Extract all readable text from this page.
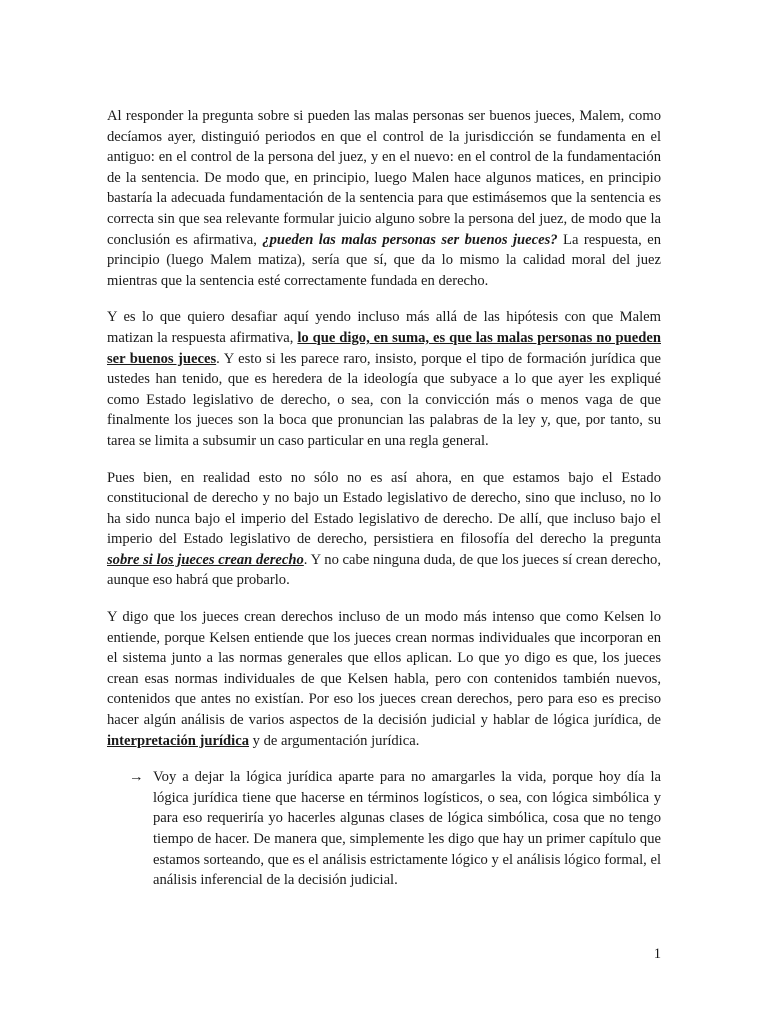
Al responder la pregunta sobre si pueden las malas personas ser buenos jueces, Malem, como decíamos ayer, distinguió periodos en que el control de la jurisdicción se fundamenta en el antiguo: en el control de la persona del juez, y en el nuevo: en el control de la fundamentación de la sentencia. De modo que, en principio, luego Malen hace algunos matices, en principio bastaría la adecuada fundamentación de la sentencia para que estimásemos que la sentencia es correcta sin que sea relevante formular juicio alguno sobre la persona del juez, de modo que la conclusión es afirmativa, ¿pueden las malas personas ser buenos jueces? La respuesta, en principio (luego Malem matiza), sería que sí, que da lo mismo la calidad moral del juez mientras que la sentencia esté correctamente fundada en derecho.

Y es lo que quiero desafiar aquí yendo incluso más allá de las hipótesis con que Malem matizan la respuesta afirmativa, lo que digo, en suma, es que las malas personas no pueden ser buenos jueces. Y esto si les parece raro, insisto, porque el tipo de formación jurídica que ustedes han tenido, que es heredera de la ideología que subyace a lo que ayer les expliqué como Estado legislativo de derecho, o sea, con la convicción más o menos vaga de que finalmente los jueces son la boca que pronuncian las palabras de la ley y, que, por tanto, su tarea se limita a subsumir un caso particular en una regla general.

Pues bien, en realidad esto no sólo no es así ahora, en que estamos bajo el Estado constitucional de derecho y no bajo un Estado legislativo de derecho, sino que incluso, no lo ha sido nunca bajo el imperio del Estado legislativo de derecho. De allí, que incluso bajo el imperio del Estado legislativo de derecho, persistiera en filosofía del derecho la pregunta sobre si los jueces crean derecho. Y no cabe ninguna duda, de que los jueces sí crean derecho, aunque eso habrá que probarlo.

Y digo que los jueces crean derechos incluso de un modo más intenso que como Kelsen lo entiende, porque Kelsen entiende que los jueces crean normas individuales que incorporan en el sistema junto a las normas generales que ellos aplican. Lo que yo digo es que, los jueces crean esas normas individuales de que Kelsen habla, pero con contenidos también nuevos, contenidos que antes no existían. Por eso los jueces crean derechos, pero para eso es preciso hacer algún análisis de varios aspectos de la decisión judicial y hablar de lógica jurídica, de interpretación jurídica y de argumentación jurídica.

→ Voy a dejar la lógica jurídica aparte para no amargarles la vida, porque hoy día la lógica jurídica tiene que hacerse en términos logísticos, o sea, con lógica simbólica y para eso requeriría yo hacerles algunas clases de lógica simbólica, cosa que no tengo tiempo de hacer. De manera que, simplemente les digo que hay un primer capítulo que estamos sorteando, que es el análisis estrictamente lógico y el análisis lógico formal, el análisis inferencial de la decisión judicial.

1
